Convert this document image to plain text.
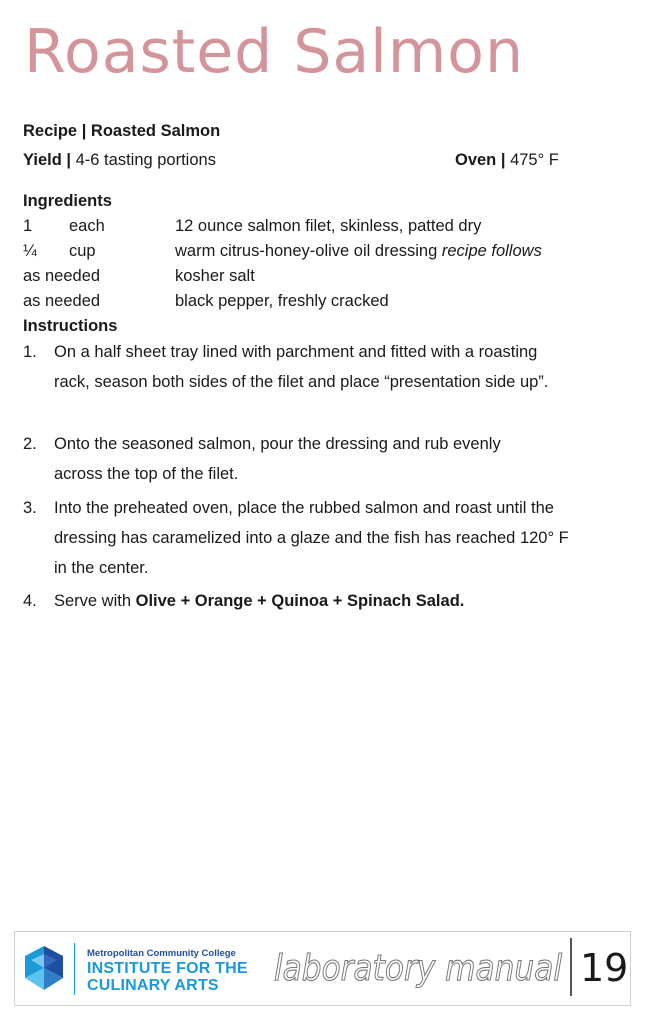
Roasted Salmon
Recipe | Roasted Salmon
Yield | 4-6 tasting portions	Oven | 475° F
Ingredients
1 each	12 ounce salmon filet, skinless, patted dry
¼ cup	warm citrus-honey-olive oil dressing recipe follows
as needed	kosher salt
as needed	black pepper, freshly cracked
Instructions
1. On a half sheet tray lined with parchment and fitted with a roasting rack, season both sides of the filet and place “presentation side up”.
2. Onto the seasoned salmon, pour the dressing and rub evenly across the top of the filet.
3. Into the preheated oven, place the rubbed salmon and roast until the dressing has caramelized into a glaze and the fish has reached 120° F in the center.
4. Serve with Olive + Orange + Quinoa + Spinach Salad.
Metropolitan Community College
INSTITUTE FOR THE
CULINARY ARTS laboratory manual 19
